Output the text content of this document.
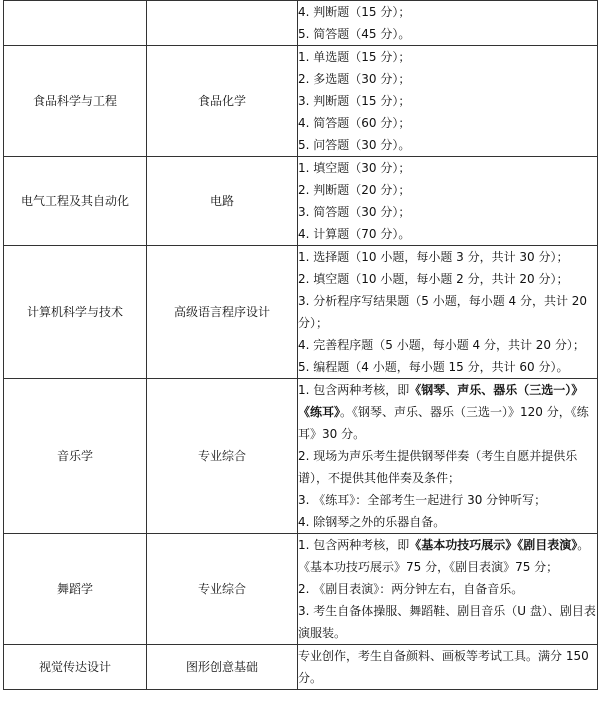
		4. 判断题（15 分）；
5. 简答题（45 分）。

食品科学与工程	食品化学	1. 单选题（15 分）；
2. 多选题（30 分）；
3. 判断题（15 分）；
4. 简答题（60 分）；
5. 问答题（30 分）。

电气工程及其自动化	电路	1. 填空题（30 分）；
2. 判断题（20 分）；
3. 简答题（30 分）；
4. 计算题（70 分）。

计算机科学与技术	高级语言程序设计	1. 选择题（10 小题，每小题 3 分，共计 30 分）；
2. 填空题（10 小题，每小题 2 分，共计 20 分）；
3. 分析程序写结果题（5 小题，每小题 4 分，共计 20 分）；
4. 完善程序题（5 小题，每小题 4 分，共计 20 分）；
5. 编程题（4 小题，每小题 15 分，共计 60 分）。

音乐学	专业综合	1. 包含两种考核，即《钢琴、声乐、器乐（三选一）》《练耳》。《钢琴、声乐、器乐（三选一）》120 分，《练耳》30 分。
2. 现场为声乐考生提供钢琴伴奏（考生自愿并提供乐谱），不提供其他伴奏及条件；
3. 《练耳》：全部考生一起进行 30 分钟听写；
4. 除钢琴之外的乐器自备。

舞蹈学	专业综合	1. 包含两种考核，即《基本功技巧展示》《剧目表演》。《基本功技巧展示》75 分，《剧目表演》75 分；
2. 《剧目表演》：两分钟左右，自备音乐。
3. 考生自备体操服、舞蹈鞋、剧目音乐（U 盘）、剧目表演服装。

视觉传达设计	图形创意基础	专业创作，考生自备颜料、画板等考试工具。满分 150 分。
